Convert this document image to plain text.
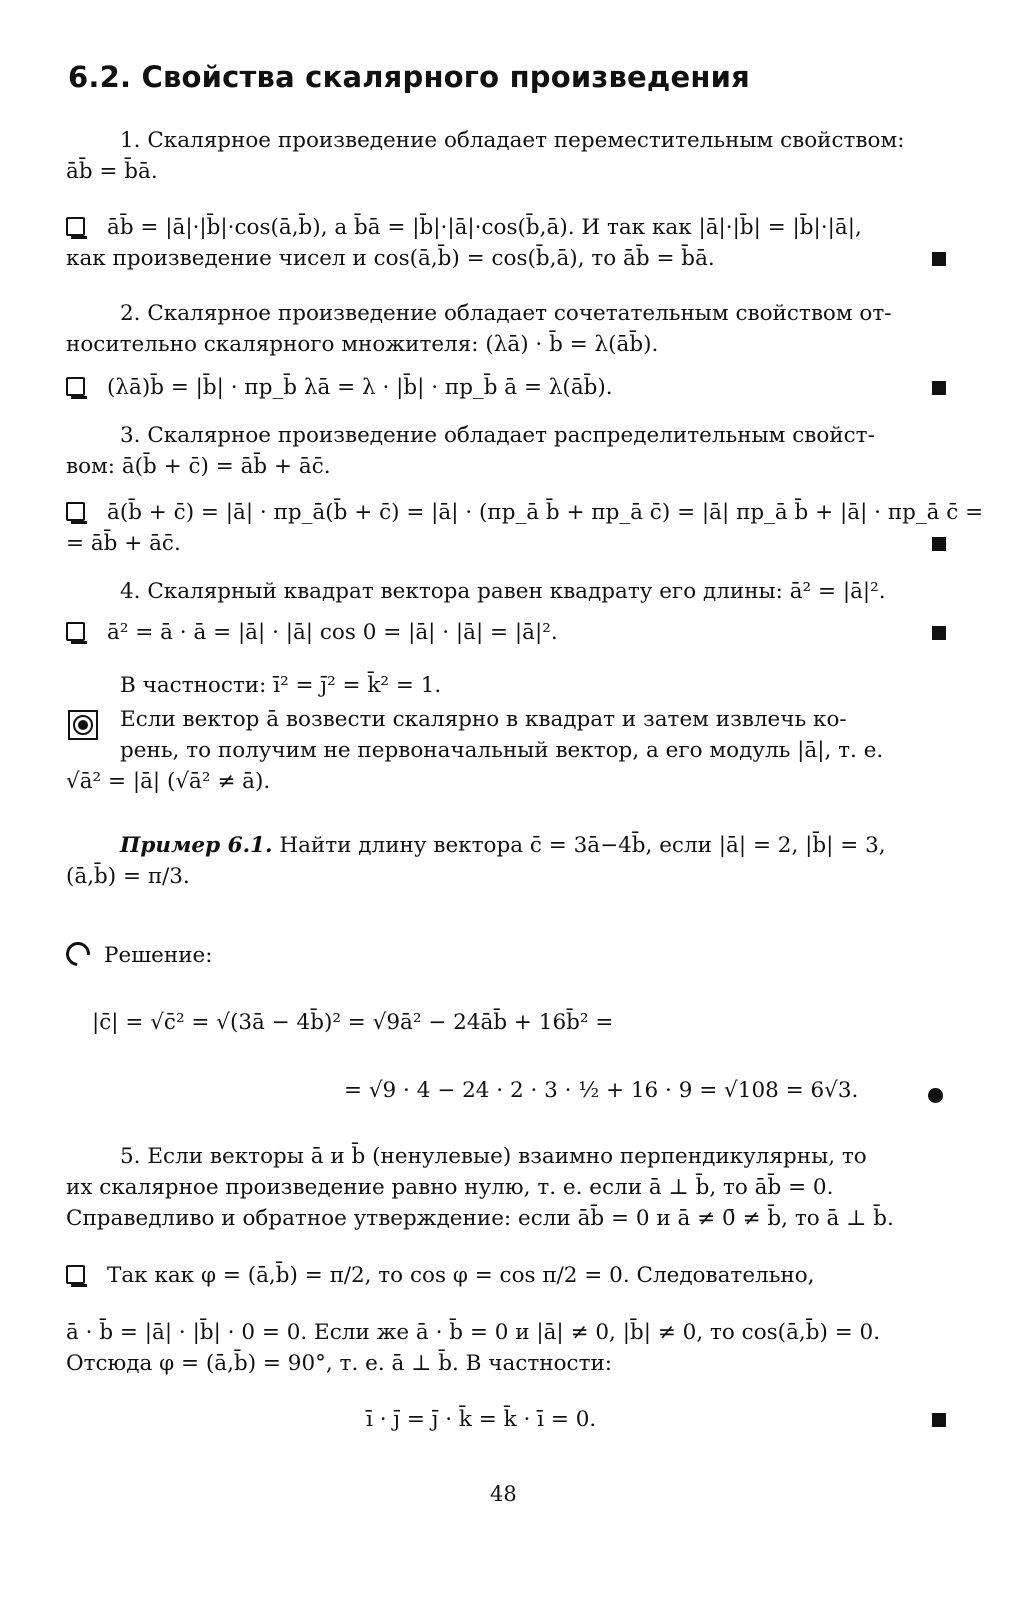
6.2. Свойства скалярного произведения
1. Скалярное произведение обладает переместительным свойством:
āb̄ = b̄ā.
āb̄ = |ā|·|b̄|·cos(ā,b̄), а b̄ā = |b̄|·|ā|·cos(b̄,ā). И так как |ā|·|b̄| = |b̄|·|ā|,
как произведение чисел и cos(ā,b̄) = cos(b̄,ā), то āb̄ = b̄ā.
2. Скалярное произведение обладает сочетательным свойством от-
носительно скалярного множителя: (λā) · b̄ = λ(āb̄).
(λā)b̄ = |b̄| · пр_b̄ λā = λ · |b̄| · пр_b̄ ā = λ(āb̄).
3. Скалярное произведение обладает распределительным свойст-
вом: ā(b̄ + c̄) = āb̄ + āc̄.
ā(b̄ + c̄) = |ā| · пр_ā(b̄ + c̄) = |ā| · (пр_ā b̄ + пр_ā c̄) = |ā| пр_ā b̄ + |ā| · пр_ā c̄ =
= āb̄ + āc̄.
4. Скалярный квадрат вектора равен квадрату его длины: ā² = |ā|².
ā² = ā · ā = |ā| · |ā| cos 0 = |ā| · |ā| = |ā|².
В частности: ī² = j̄² = k̄² = 1.
Если вектор ā возвести скалярно в квадрат и затем извлечь ко-
рень, то получим не первоначальный вектор, а его модуль |ā|, т. е.
√ā² = |ā| (√ā² ≠ ā).
Пример 6.1. Найти длину вектора c̄ = 3ā−4b̄, если |ā| = 2, |b̄| = 3,
(ā,b̄) = π/3.
Решение:
|c̄| = √c̄² = √(3ā − 4b̄)² = √9ā² − 24āb̄ + 16b̄² =
= √9 · 4 − 24 · 2 · 3 · ½ + 16 · 9 = √108 = 6√3.
5. Если векторы ā и b̄ (ненулевые) взаимно перпендикулярны, то
их скалярное произведение равно нулю, т. е. если ā ⊥ b̄, то āb̄ = 0.
Справедливо и обратное утверждение: если āb̄ = 0 и ā ≠ 0̄ ≠ b̄, то ā ⊥ b̄.
Так как φ = (ā,b̄) = π/2, то cos φ = cos π/2 = 0. Следовательно,
ā · b̄ = |ā| · |b̄| · 0 = 0. Если же ā · b̄ = 0 и |ā| ≠ 0, |b̄| ≠ 0, то cos(ā,b̄) = 0.
Отсюда φ = (ā,b̄) = 90°, т. е. ā ⊥ b̄. В частности:
ī · j̄ = j̄ · k̄ = k̄ · ī = 0.
48
